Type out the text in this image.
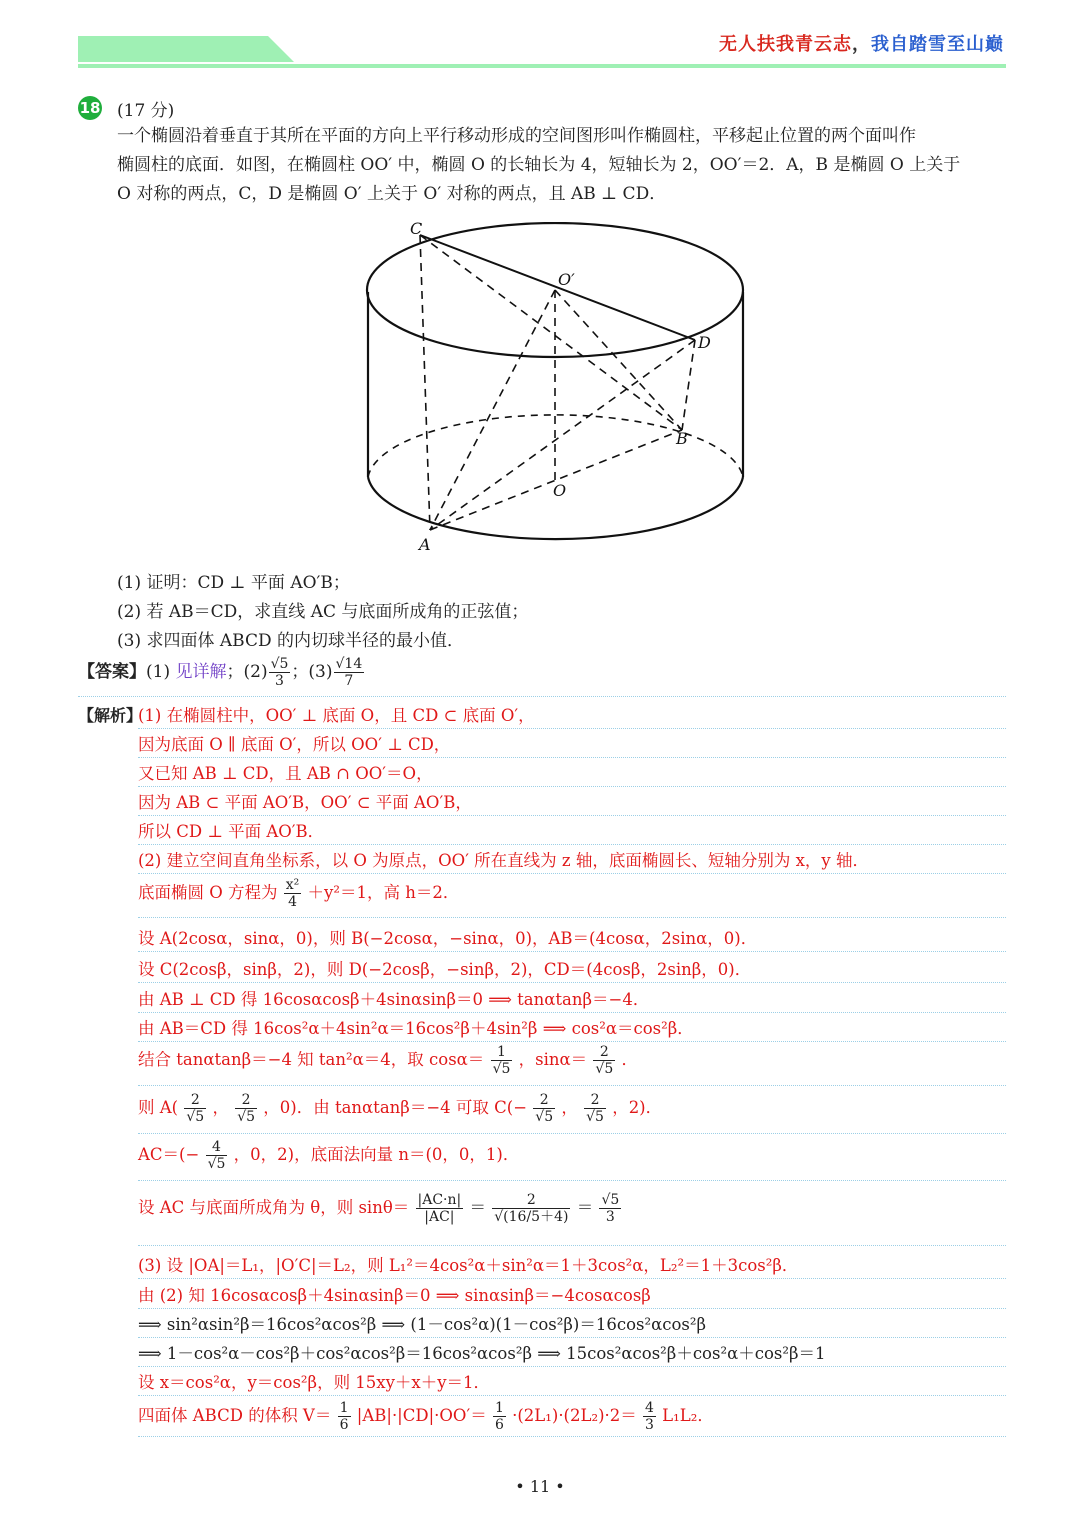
无人扶我青云志，我自踏雪至山巅
18 (17 分)
一个椭圆沿着垂直于其所在平面的方向上平行移动形成的空间图形叫作椭圆柱，平移起止位置的两个面叫作
椭圆柱的底面．如图，在椭圆柱 OO′ 中，椭圆 O 的长轴长为 4，短轴长为 2，OO′＝2．A，B 是椭圆 O 上关于
O 对称的两点，C，D 是椭圆 O′ 上关于 O′ 对称的两点，且 AB ⊥ CD．
C
O′
D
B
O
A
(1) 证明：CD ⊥ 平面 AO′B；
(2) 若 AB＝CD，求直线 AC 与底面所成角的正弦值；
(3) 求四面体 ABCD 的内切球半径的最小值．
【答案】(1) 见详解；$(2) \frac{√5}{3}$ ；$(3) \frac{√14}{7}$
【解析】
(1) 在椭圆柱中，OO′ ⊥ 底面 O，且 CD ⊂ 底面 O′，
因为底面 O ∥ 底面 O′，所以 OO′ ⊥ CD，
又已知 AB ⊥ CD，且 AB ∩ OO′＝O，
因为 AB ⊂ 平面 AO′B，OO′ ⊂ 平面 AO′B，
所以 CD ⊥ 平面 AO′B．
(2) 建立空间直角坐标系，以 O 为原点，OO′ 所在直线为 z 轴，底面椭圆长、短轴分别为 x，y 轴．
底面椭圆 O 方程为 $\frac{\text{x²}}{4} +y^2=1$，高 h＝2．
设 A(2cosα，sinα，0)，则 B(−2cosα，−sinα，0)，AB＝(4cosα，2sinα，0)．
设 C(2cosβ，sinβ，2)，则 D(−2cosβ，−sinβ，2)，CD＝(4cosβ，2sinβ，0)．
由 AB ⊥ CD 得 16cosαcosβ＋4sinαsinβ＝0 ⟹ tanαtanβ＝−4．
由 AB＝CD 得 16cos²α＋4sin²α＝16cos²β＋4sin²β ⟹ cos²α＝cos²β．
结合 tanαtanβ＝−4 知 tan²α＝4，取 $\cos\alpha= \frac{1}{√5}$ ，$\sin\alpha= \frac{2}{√5}$ ．
则 $A( \frac{2}{√5}$ ， $\frac{2}{√5}$ ，0)．由 tanαtanβ＝−4 可取 $C(- \frac{2}{√5}$ ， $\frac{2}{√5}$ ，2)．
$AC=(- \frac{4}{√5}$ ，0，2)，底面法向量 n＝(0，0，1)．
设 AC 与底面所成角为 θ，则 $\sin\theta= \frac{|AC\cdot n|}{|AC|} = \frac{2}{√(16/5+4)} = \frac{√5}{3}$
(3) 设 |OA|＝L₁，|O′C|＝L₂，则 L₁²＝4cos²α＋sin²α＝1＋3cos²α，L₂²＝1＋3cos²β．
由 (2) 知 16cosαcosβ＋4sinαsinβ＝0 ⟹ sinαsinβ＝−4cosαcosβ
⟹ sin²αsin²β＝16cos²αcos²β ⟹ (1－cos²α)(1－cos²β)＝16cos²αcos²β
⟹ 1－cos²α－cos²β＋cos²αcos²β＝16cos²αcos²β ⟹ 15cos²αcos²β＋cos²α＋cos²β＝1
设 x＝cos²α，y＝cos²β，则 15xy＋x＋y＝1．
四面体 ABCD 的体积 $V= \frac{1}{6} |AB|\cdot|CD|\cdot OO'= \frac{1}{6} \cdot(2L_1)\cdot(2L_2)\cdot 2= \frac{4}{3} L_1L_2$．
• 11 •
